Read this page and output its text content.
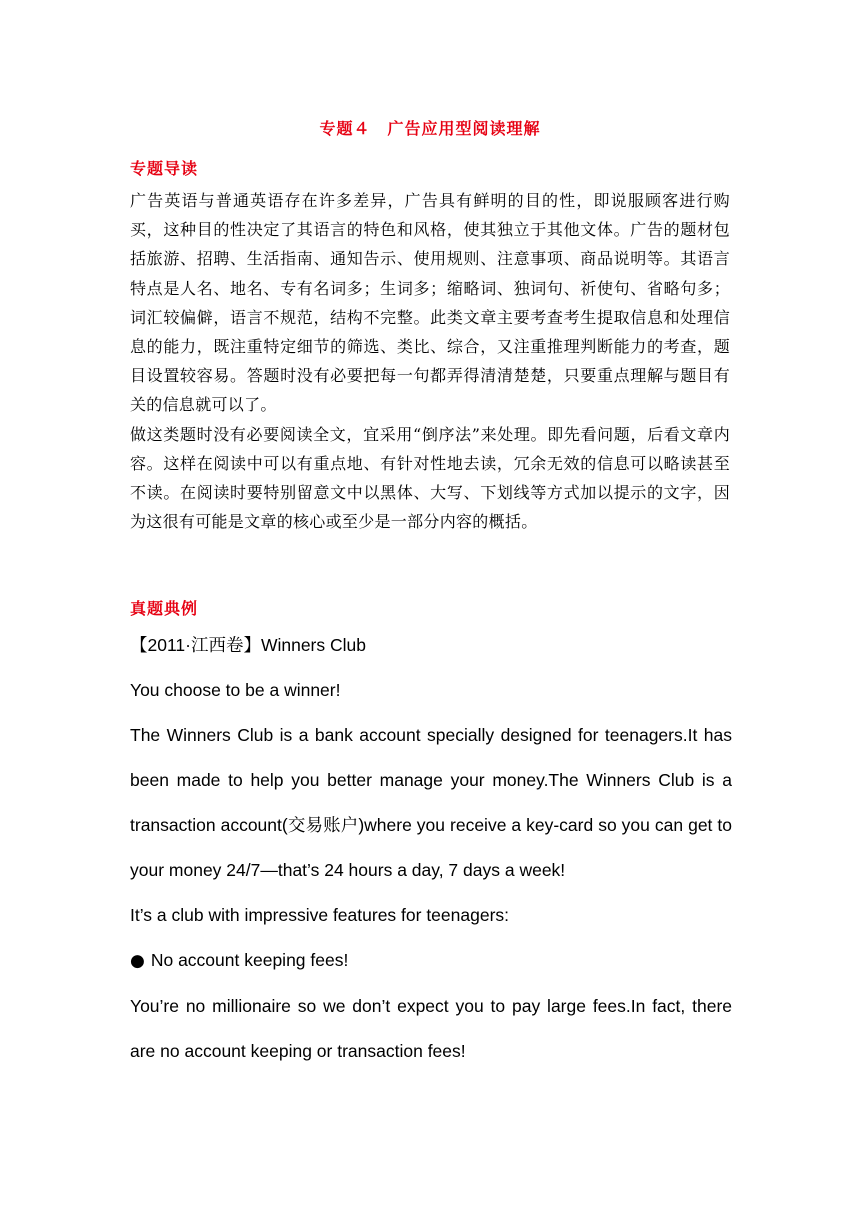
专题４　广告应用型阅读理解
专题导读

广告英语与普通英语存在许多差异，广告具有鲜明的目的性，即说服顾客进行购买，这种目的性决定了其语言的特色和风格，使其独立于其他文体。广告的题材包括旅游、招聘、生活指南、通知告示、使用规则、注意事项、商品说明等。其语言特点是人名、地名、专有名词多；生词多；缩略词、独词句、祈使句、省略句多；词汇较偏僻，语言不规范，结构不完整。此类文章主要考查考生提取信息和处理信息的能力，既注重特定细节的筛选、类比、综合，又注重推理判断能力的考查，题目设置较容易。答题时没有必要把每一句都弄得清清楚楚，只要重点理解与题目有关的信息就可以了。

做这类题时没有必要阅读全文，宜采用“倒序法”来处理。即先看问题，后看文章内容。这样在阅读中可以有重点地、有针对性地去读，冗余无效的信息可以略读甚至不读。在阅读时要特别留意文中以黑体、大写、下划线等方式加以提示的文字，因为这很有可能是文章的核心或至少是一部分内容的概括。

真题典例

【2011·江西卷】Winners Club

You choose to be a winner!

The Winners Club is a bank account specially designed for teenagers.It has been made to help you better manage your money.The Winners Club is a transaction account(交易账户)where you receive a key-card so you can get to your money 24/7—that’s 24 hours a day, 7 days a week!

It’s a club with impressive features for teenagers:

● No account keeping fees!

You’re no millionaire so we don’t expect you to pay large fees.In fact, there are no account keeping or transaction fees!
